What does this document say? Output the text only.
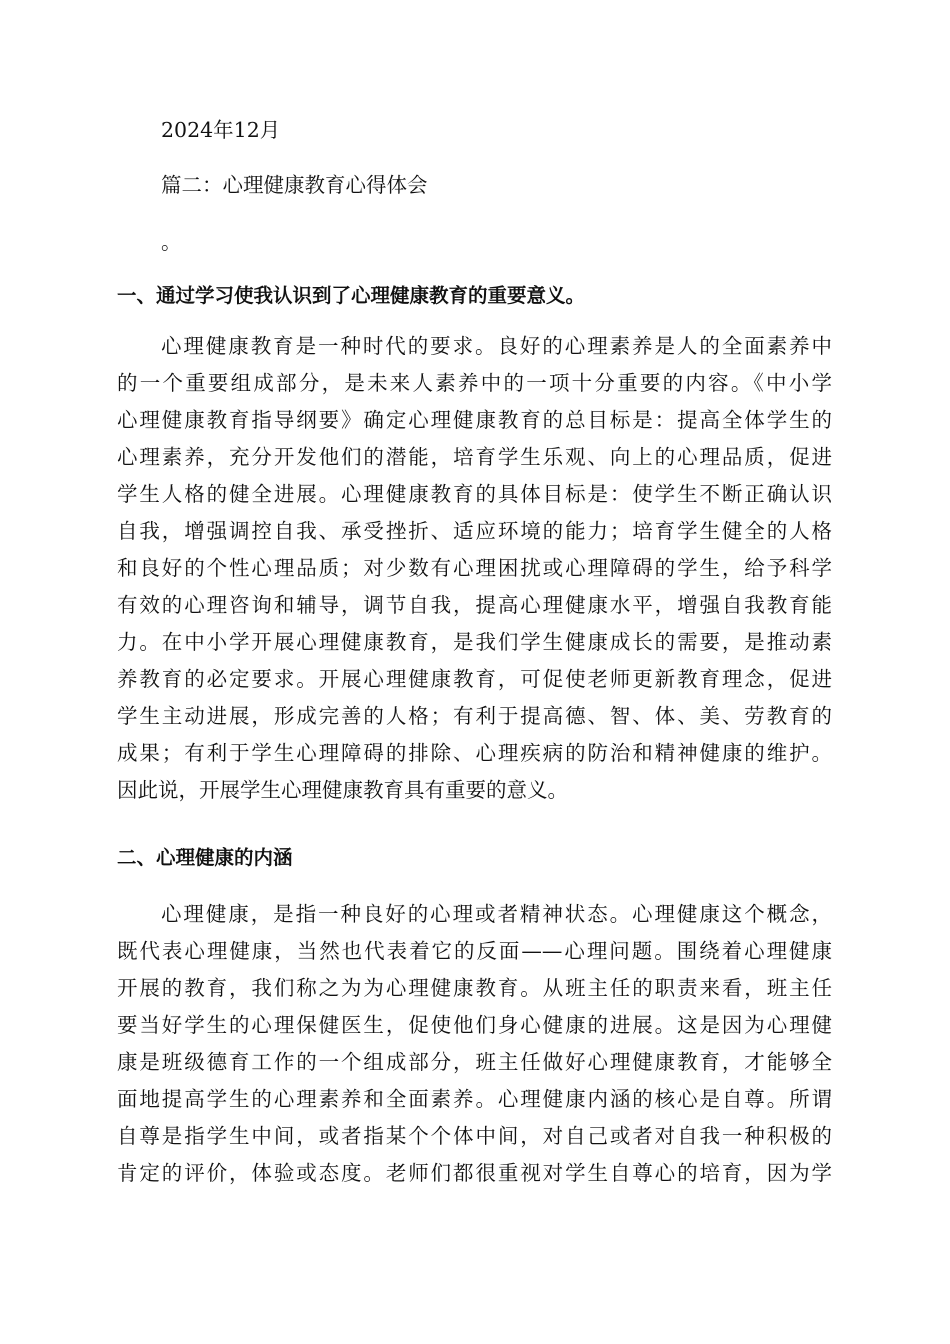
2024年12月
篇二：心理健康教育心得体会
。
一、通过学习使我认识到了心理健康教育的重要意义。
心理健康教育是一种时代的要求。良好的心理素养是人的全面素养中
的一个重要组成部分，是未来人素养中的一项十分重要的内容。《中小学
心理健康教育指导纲要》确定心理健康教育的总目标是：提高全体学生的
心理素养，充分开发他们的潜能，培育学生乐观、向上的心理品质，促进
学生人格的健全进展。心理健康教育的具体目标是：使学生不断正确认识
自我，增强调控自我、承受挫折、适应环境的能力；培育学生健全的人格
和良好的个性心理品质；对少数有心理困扰或心理障碍的学生，给予科学
有效的心理咨询和辅导，调节自我，提高心理健康水平，增强自我教育能
力。在中小学开展心理健康教育，是我们学生健康成长的需要，是推动素
养教育的必定要求。开展心理健康教育，可促使老师更新教育理念，促进
学生主动进展，形成完善的人格；有利于提高德、智、体、美、劳教育的
成果；有利于学生心理障碍的排除、心理疾病的防治和精神健康的维护。
因此说，开展学生心理健康教育具有重要的意义。
二、心理健康的内涵
心理健康，是指一种良好的心理或者精神状态。心理健康这个概念，
既代表心理健康，当然也代表着它的反面——心理问题。围绕着心理健康
开展的教育，我们称之为为心理健康教育。从班主任的职责来看，班主任
要当好学生的心理保健医生，促使他们身心健康的进展。这是因为心理健
康是班级德育工作的一个组成部分，班主任做好心理健康教育，才能够全
面地提高学生的心理素养和全面素养。心理健康内涵的核心是自尊。所谓
自尊是指学生中间，或者指某个个体中间，对自己或者对自我一种积极的
肯定的评价，体验或态度。老师们都很重视对学生自尊心的培育，因为学
